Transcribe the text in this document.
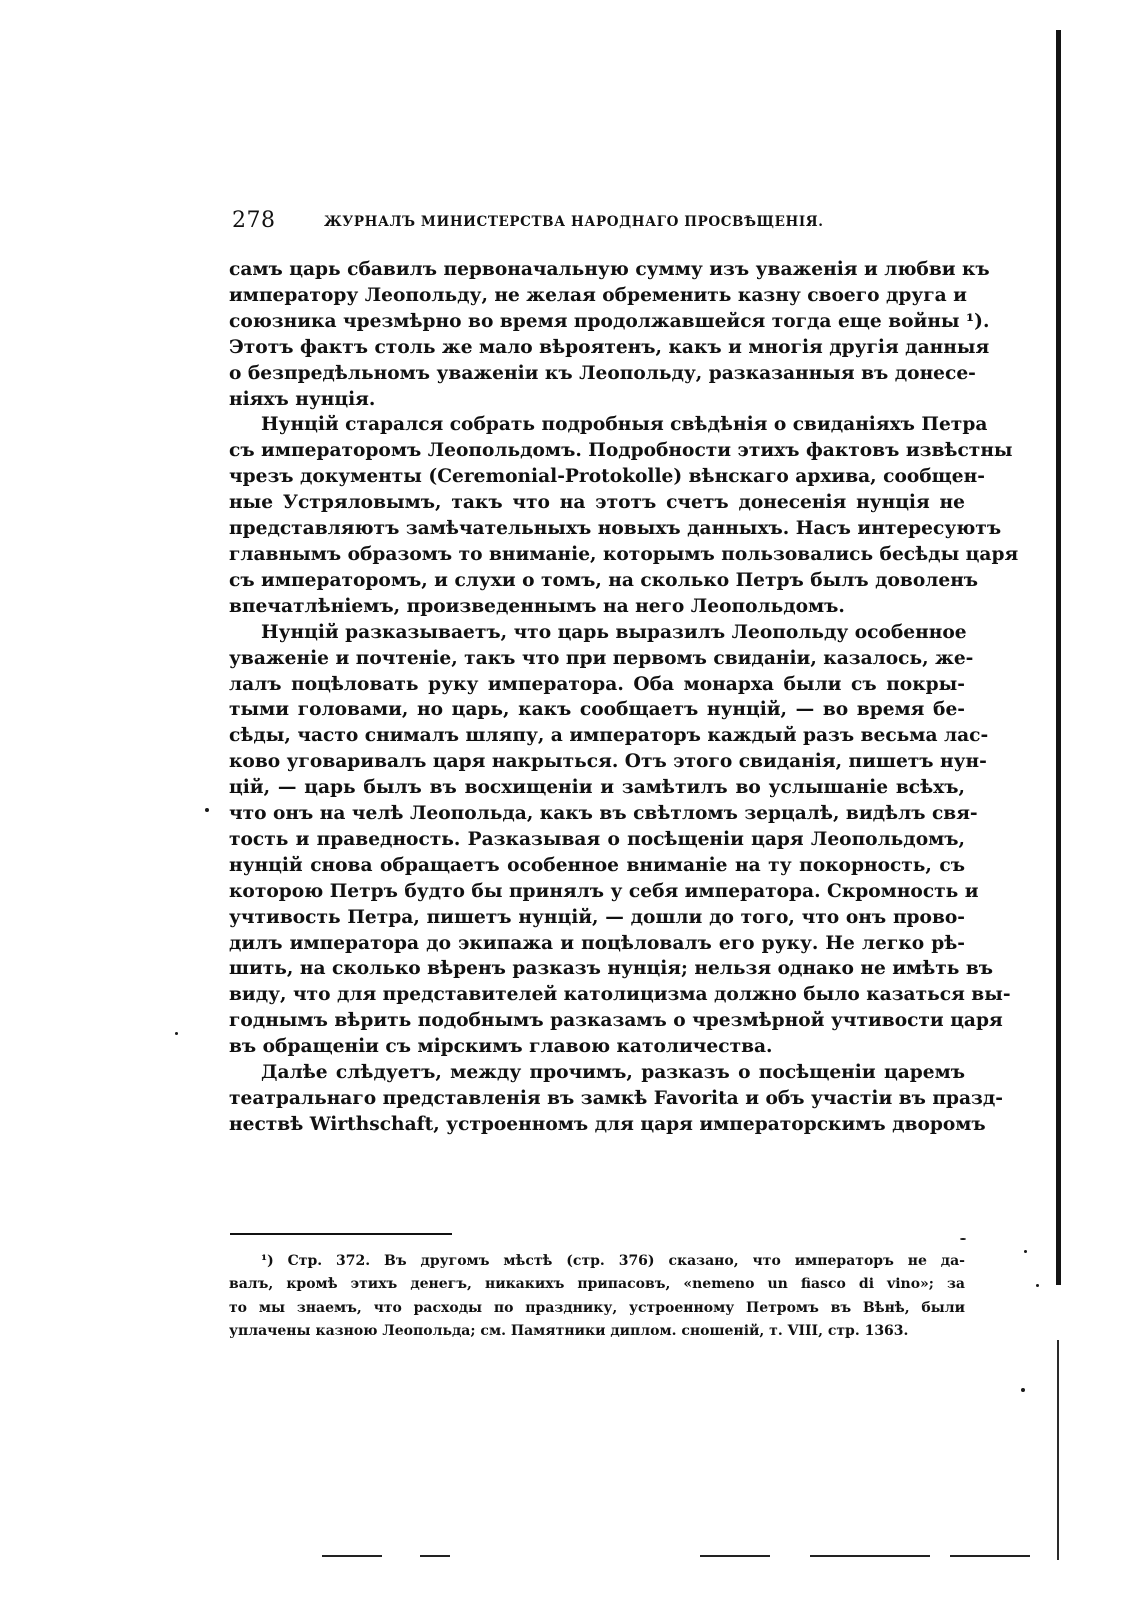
278	ЖУРНАЛЪ МИНИСТЕРСТВА НАРОДНАГО ПРОСВѢЩЕНІЯ.
самъ царь сбавилъ первоначальную сумму изъ уваженія и любви къ
императору Леопольду, не желая обременить казну своего друга и
союзника чрезмѣрно во время продолжавшейся тогда еще войны ¹).
Этотъ фактъ столь же мало вѣроятенъ, какъ и многія другія данныя
о безпредѣльномъ уваженіи къ Леопольду, разказанныя въ донесе-
ніяхъ нунція.
Нунцій старался собрать подробныя свѣдѣнія о свиданіяхъ Петра
съ императоромъ Леопольдомъ. Подробности этихъ фактовъ извѣстны
чрезъ документы (Ceremonial-Protokolle) вѣнскаго архива, сообщен-
ные Устряловымъ, такъ что на этотъ счетъ донесенія нунція не
представляютъ замѣчательныхъ новыхъ данныхъ. Насъ интересуютъ
главнымъ образомъ то вниманіе, которымъ пользовались бесѣды царя
съ императоромъ, и слухи о томъ, на сколько Петръ былъ доволенъ
впечатлѣніемъ, произведеннымъ на него Леопольдомъ.
Нунцій разказываетъ, что царь выразилъ Леопольду особенное
уваженіе и почтеніе, такъ что при первомъ свиданіи, казалось, же-
лалъ поцѣловать руку императора. Оба монарха были съ покры-
тыми головами, но царь, какъ сообщаетъ нунцій, — во время бе-
сѣды, часто снималъ шляпу, а императоръ каждый разъ весьма лас-
ково уговаривалъ царя накрыться. Отъ этого свиданія, пишетъ нун-
цій, — царь былъ въ восхищеніи и замѣтилъ во услышаніе всѣхъ,
что онъ на челѣ Леопольда, какъ въ свѣтломъ зерцалѣ, видѣлъ свя-
тость и праведность. Разказывая о посѣщеніи царя Леопольдомъ,
нунцій снова обращаетъ особенное вниманіе на ту покорность, съ
которою Петръ будто бы принялъ у себя императора. Скромность и
учтивость Петра, пишетъ нунцій, — дошли до того, что онъ прово-
дилъ императора до экипажа и поцѣловалъ его руку. Не легко рѣ-
шить, на сколько вѣренъ разказъ нунція; нельзя однако не имѣть въ
виду, что для представителей католицизма должно было казаться вы-
годнымъ вѣрить подобнымъ разказамъ о чрезмѣрной учтивости царя
въ обращеніи съ мірскимъ главою католичества.
Далѣе слѣдуетъ, между прочимъ, разказъ о посѣщеніи царемъ
театральнаго представленія въ замкѣ Favorita и объ участіи въ празд-
нествѣ Wirthschaft, устроенномъ для царя императорскимъ дворомъ
¹) Стр. 372. Въ другомъ мѣстѣ (стр. 376) сказано, что императоръ не да-
валъ, кромѣ этихъ денегъ, никакихъ припасовъ, «nemeno un fiasco di vino»; за
то мы знаемъ, что расходы по празднику, устроенному Петромъ въ Вѣнѣ, были
уплачены казною Леопольда; см. Памятники диплом. сношеній, т. VIII, стр. 1363.
